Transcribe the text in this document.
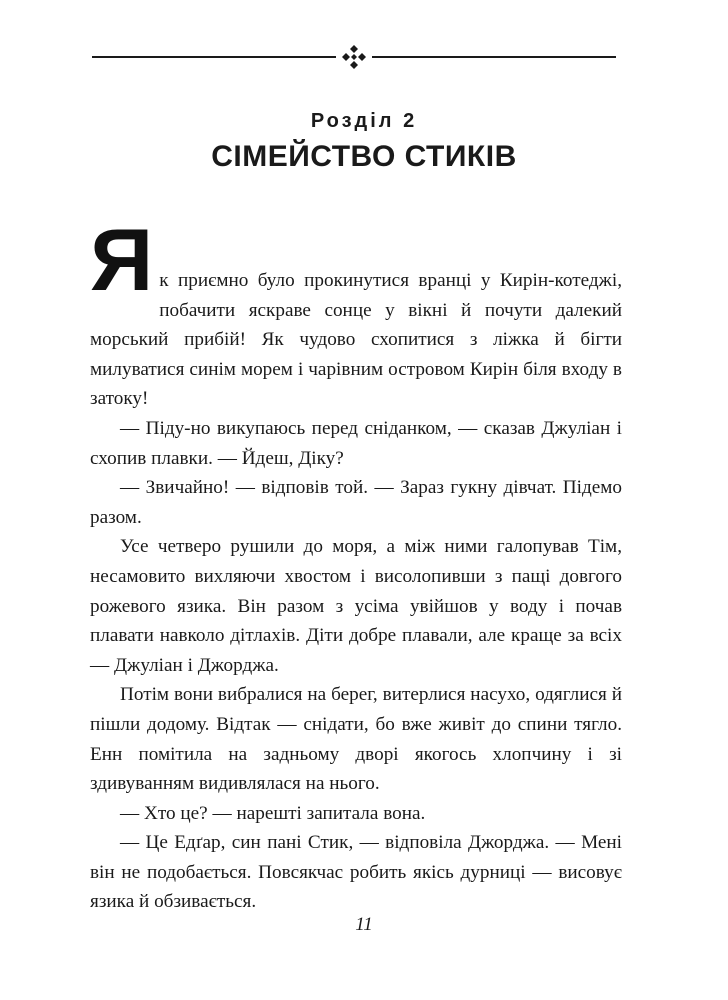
Розділ 2
СІМЕЙСТВО СТИКІВ

Як приємно було прокинутися вранці у Кирін-котеджі, побачити яскраве сонце у вікні й почути далекий морський прибій! Як чудово схопитися з ліжка й бігти милуватися синім морем і чарівним островом Кирін біля входу в затоку!

— Піду-но викупаюсь перед сніданком, — сказав Джуліан і схопив плавки. — Йдеш, Діку?

— Звичайно! — відповів той. — Зараз гукну дівчат. Підемо разом.

Усе четверо рушили до моря, а між ними галопував Тім, несамовито вихляючи хвостом і висолопивши з пащі довгого рожевого язика. Він разом з усіма увійшов у воду і почав плавати навколо дітлахів. Діти добре плавали, але краще за всіх — Джуліан і Джорджа.

Потім вони вибралися на берег, витерлися насухо, одяглися й пішли додому. Відтак — снідати, бо вже живіт до спини тягло. Енн помітила на задньому дворі якогось хлопчину і зі здивуванням видивлялася на нього.

— Хто це? — нарешті запитала вона.

— Це Едґар, син пані Стик, — відповіла Джорджа. — Мені він не подобається. Повсякчас робить якісь дурниці — висовує язика й обзивається.

11
